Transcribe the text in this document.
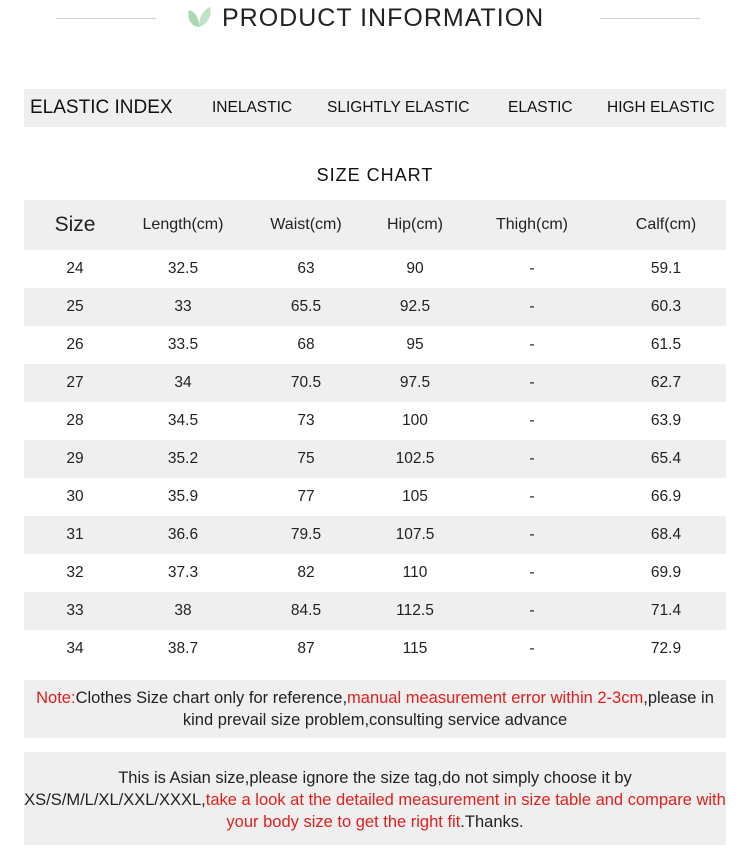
PRODUCT INFORMATION
ELASTIC INDEX	INELASTIC SLIGHTLY ELASTIC ELASTIC HIGH ELASTIC
SIZE CHART
Size	Length(cm)	Waist(cm)	Hip(cm)	Thigh(cm)	Calf(cm)
24	32.5	63	90	-	59.1
25	33	65.5	92.5	-	60.3
26	33.5	68	95	-	61.5
27	34	70.5	97.5	-	62.7
28	34.5	73	100	-	63.9
29	35.2	75	102.5	-	65.4
30	35.9	77	105	-	66.9
31	36.6	79.5	107.5	-	68.4
32	37.3	82	110	-	69.9
33	38	84.5	112.5	-	71.4
34	38.7	87	115	-	72.9
Note:Clothes Size chart only for reference,manual measurement error within 2-3cm,please in kind prevail size problem,consulting service advance
This is Asian size,please ignore the size tag,do not simply choose it by XS/S/M/L/XL/XXL/XXXL,take a look at the detailed measurement in size table and compare with your body size to get the right fit.Thanks.
